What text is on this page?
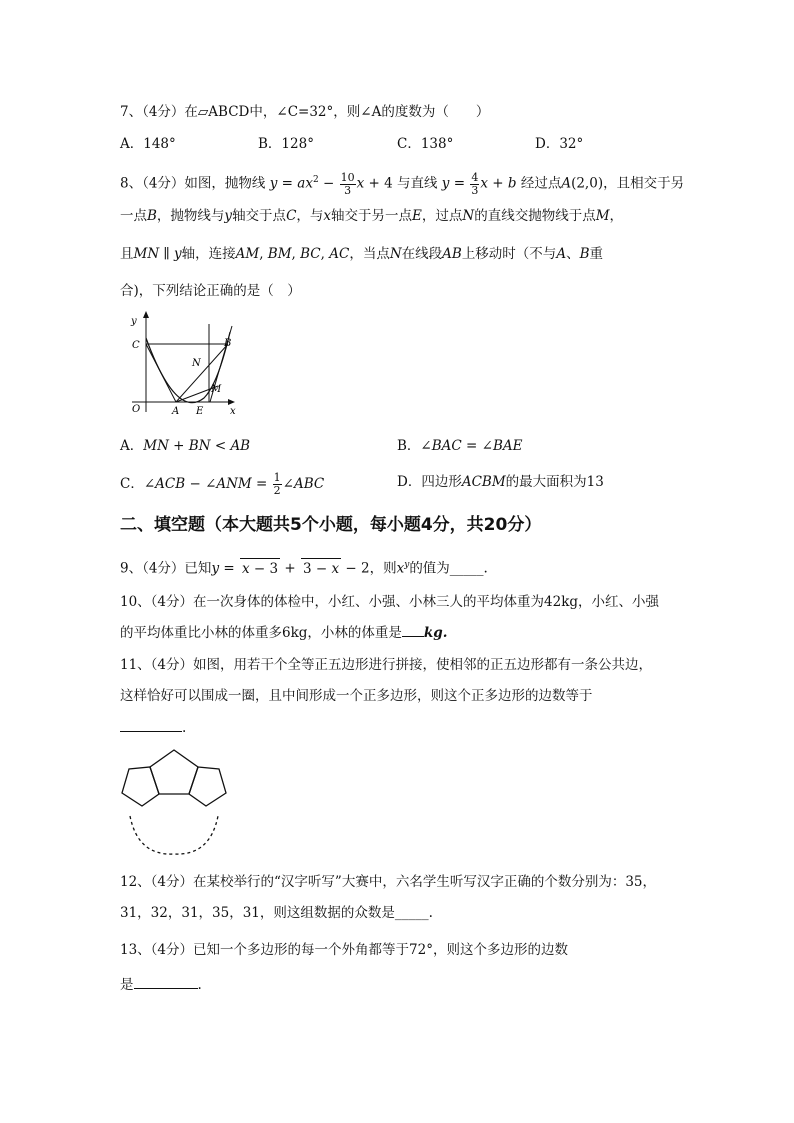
7、（4分）在▱ABCD中，∠C=32°，则∠A的度数为（　　）
A．148°	B．128°	C．138°	D．32°
8、（4分）如图，抛物线 $y = ax^2 - \frac{10}{3}$ x + 4 与直线 $y = \frac{4}{3}$ x + b 经过点A(2,0)，且相交于另
一点B，抛物线与y轴交于点C，与x轴交于另一点E，过点N的直线交抛物线于点M，
且MN ∥ y轴，连接AM, BM, BC, AC，当点N在线段AB上移动时（不与A、B重
合)，下列结论正确的是（　）
y
x
O
C	B
N
M
A E
A．MN + BN < AB	B．∠BAC = ∠BAE
C．∠ACB − ∠ANM = $\frac{1}{2}$ ∠ABC	D．四边形ACBM的最大面积为13
二、填空题（本大题共5个小题，每小题4分，共20分）
9、（4分）已知y = x − 3 + 3 − x − 2，则$x^y$的值为_____.
10、（4分）在一次身体的体检中，小红、小强、小林三人的平均体重为42kg，小红、小强
的平均体重比小林的体重多6kg，小林的体重是 kg.
11、（4分）如图，用若干个全等正五边形进行拼接，使相邻的正五边形都有一条公共边，
这样恰好可以围成一圈，且中间形成一个正多边形，则这个正多边形的边数等于
.
12、（4分）在某校举行的“汉字听写”大赛中，六名学生听写汉字正确的个数分别为：35，
31，32，31，35，31，则这组数据的众数是_____.
13、（4分）已知一个多边形的每一个外角都等于72°，则这个多边形的边数
是	.
